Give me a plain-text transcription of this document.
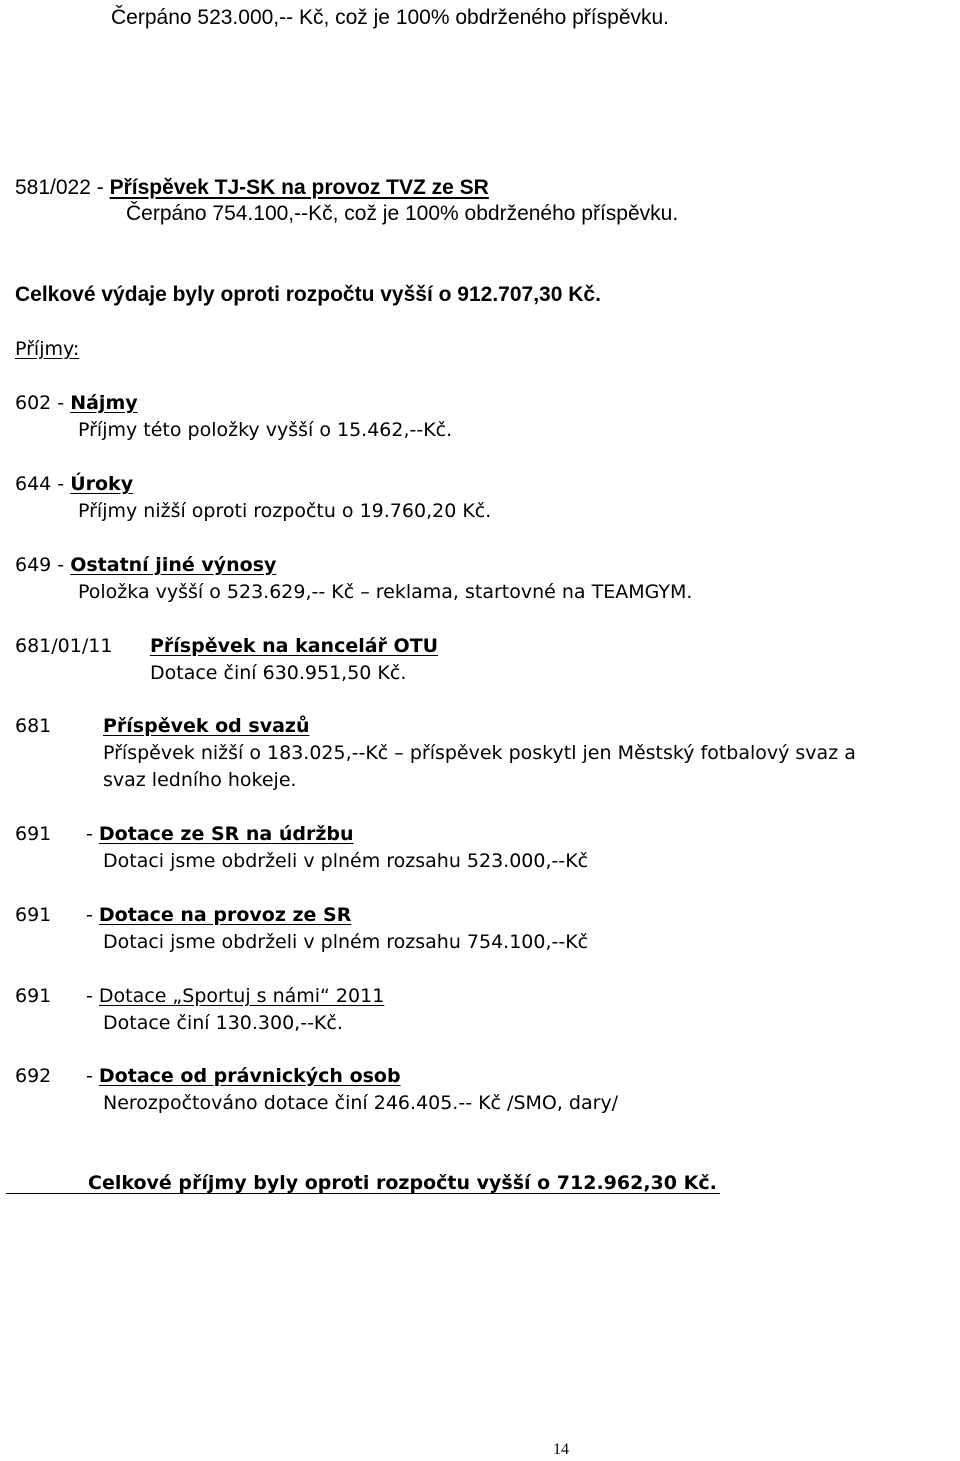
Čerpáno 523.000,-- Kč, což je 100% obdrženého příspěvku.
581/022 - Příspěvek TJ-SK na provoz TVZ ze SR
Čerpáno 754.100,--Kč, což je 100% obdrženého příspěvku.
Celkové výdaje byly oproti rozpočtu vyšší o 912.707,30 Kč.
Příjmy:
602 - Nájmy
Příjmy této položky vyšší o 15.462,--Kč.
644 - Úroky
Příjmy nižší oproti rozpočtu o 19.760,20 Kč.
649 - Ostatní jiné výnosy
Položka vyšší o 523.629,-- Kč – reklama, startovné na TEAMGYM.
681/01/11 Příspěvek na kancelář OTU
Dotace činí 630.951,50 Kč.
681	Příspěvek od svazů
Příspěvek nižší o 183.025,--Kč – příspěvek poskytl jen Městský fotbalový svaz a
svaz ledního hokeje.
691 - Dotace ze SR na údržbu
Dotaci jsme obdrželi v plném rozsahu 523.000,--Kč
691 - Dotace na provoz ze SR
Dotaci jsme obdrželi v plném rozsahu 754.100,--Kč
691 - Dotace „Sportuj s námi“ 2011
Dotace činí 130.300,--Kč.
692 - Dotace od právnických osob
Nerozpočtováno dotace činí 246.405.-- Kč /SMO, dary/
Celkové příjmy byly oproti rozpočtu vyšší o 712.962,30 Kč.
14
